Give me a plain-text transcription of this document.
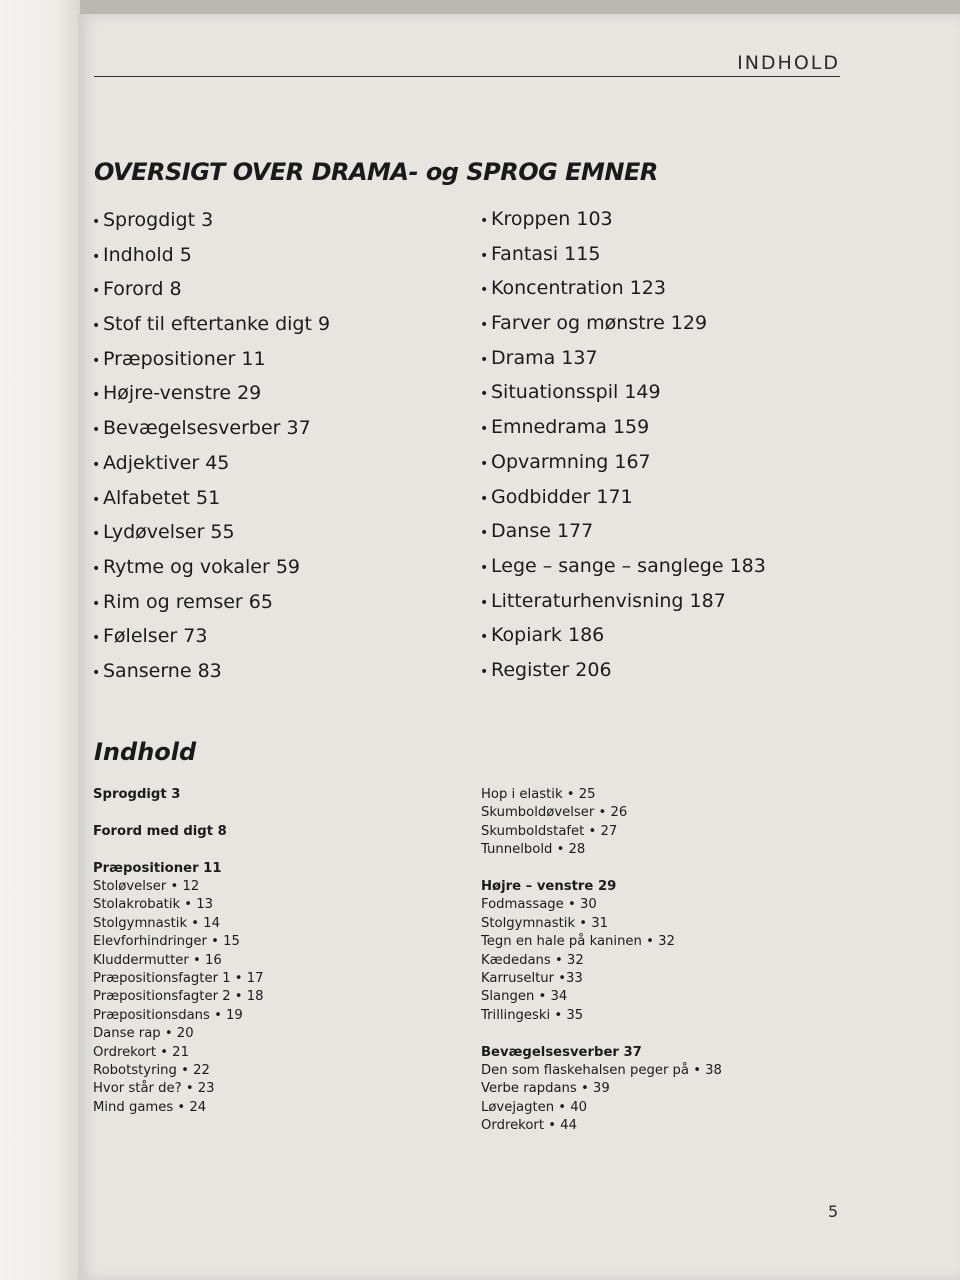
INDHOLD
OVERSIGT OVER DRAMA- og SPROG EMNER
• Sprogdigt 3
• Indhold 5
• Forord 8
• Stof til eftertanke digt 9
• Præpositioner 11
• Højre-venstre 29
• Bevægelsesverber 37
• Adjektiver 45
• Alfabetet 51
• Lydøvelser 55
• Rytme og vokaler 59
• Rim og remser 65
• Følelser 73
• Sanserne 83
• Kroppen 103
• Fantasi 115
• Koncentration 123
• Farver og mønstre 129
• Drama 137
• Situationsspil 149
• Emnedrama 159
• Opvarmning 167
• Godbidder 171
• Danse 177
• Lege – sange – sanglege 183
• Litteraturhenvisning 187
• Kopiark 186
• Register 206
Indhold
Sprogdigt 3
Forord med digt 8
Præpositioner 11
Stoløvelser • 12
Stolakrobatik • 13
Stolgymnastik • 14
Elevforhindringer • 15
Kluddermutter • 16
Præpositionsfagter 1 • 17
Præpositionsfagter 2 • 18
Præpositionsdans • 19
Danse rap • 20
Ordrekort • 21
Robotstyring • 22
Hvor står de? • 23
Mind games • 24
Hop i elastik • 25
Skumboldøvelser • 26
Skumboldstafet • 27
Tunnelbold • 28
Højre – venstre 29
Fodmassage • 30
Stolgymnastik • 31
Tegn en hale på kaninen • 32
Kædedans • 32
Karruseltur •33
Slangen • 34
Trillingeski • 35
Bevægelsesverber 37
Den som flaskehalsen peger på • 38
Verbe rapdans • 39
Løvejagten • 40
Ordrekort • 44
5
